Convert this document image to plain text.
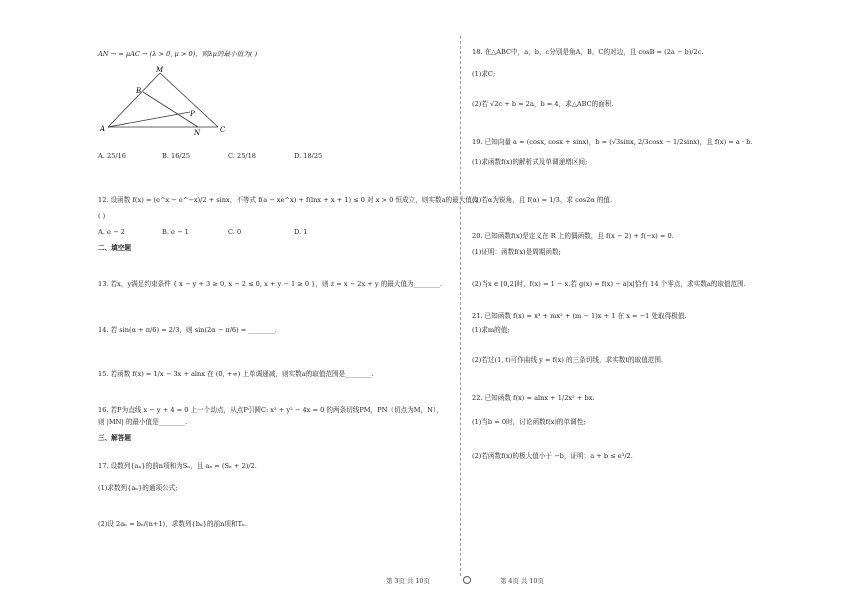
AN → = μAC → (λ > 0, μ > 0)，则λμ的最小值为( )
M
B
P
A	N	C
A. 25/16	B. 16/25	C. 25/18	D. 18/25
12. 设函数 f(x) = (e^x − e^−x)/2 + sinx，不等式 f(a − xe^x) + f(lnx + x + 1) ≤ 0 对 x > 0 恒成立，则实数a的最大值为
( )
A. e − 2	B. e − 1	C. 0	D. 1
二、填空题
13. 若x，y满足约束条件 { x − y + 3 ≥ 0, x − 2 ≤ 0, x + y − 1 ≥ 0 }，则 z = x − 2x + y 的最大值为________.
14. 若 sin(α + π/6) = 2/3，则 sin(2α − π/6) = ________.
15. 若函数 f(x) = 1/x − 3x + alnx 在 (0, +∞) 上单调递减，则实数a的取值范围是________.
16. 若P为直线 x − y + 4 = 0 上一个动点，从点P引圆C: x² + y² − 4x = 0 的两条切线PM，PN（切点为M，N），
则 |MN| 的最小值是________.
三、解答题
17. 设数列{aₙ}的前n项和为Sₙ，且 aₙ = (Sₙ + 2)/2.
(1)求数列{aₙ}的通项公式;
(2)设 2aₙ = bₙ/(n+1)，求数列{bₙ}的前n项和Tₙ.
18. 在△ABC中，a，b，c分别是角A，B，C的对边，且 cosB = (2a − b)/2c.
(1)求C;
(2)若 √2c + b = 2a，b = 4，求△ABC的面积.
19. 已知向量 a = (cosx, cosx + sinx)，b = (√3sinx, 2/3cosx − 1/2sinx)，且 f(x) = a · b.
(1)求函数f(x)的解析式及单调递增区间;
(2)若α为锐角，且 f(α) = 1/3，求 cos2α 的值.
20. 已知函数f(x)是定义在 R 上的偶函数，且 f(x − 2) + f(−x) = 0.
(1)证明：函数f(x)是周期函数;
(2)当x ∈ [0,2]时，f(x) = 1 − x.若 g(x) = f(x) − a|x|恰有 14 个零点，求实数a的取值范围.
21. 已知函数 f(x) = x³ + mx² + (m − 1)x + 1 在 x = −1 处取得极值.
(1)求m的值;
(2)若过(1, t)可作曲线 y = f(x) 的三条切线，求实数t的取值范围.
22. 已知函数 f(x) = alnx + 1/2x² + bx.
(1)当b = 0时，讨论函数f(x)的单调性;
(2)若函数f(x)的极大值小于 −b，证明：a + b ≤ e³/2.
第 3页 共 10页	第 4页 共 10页
